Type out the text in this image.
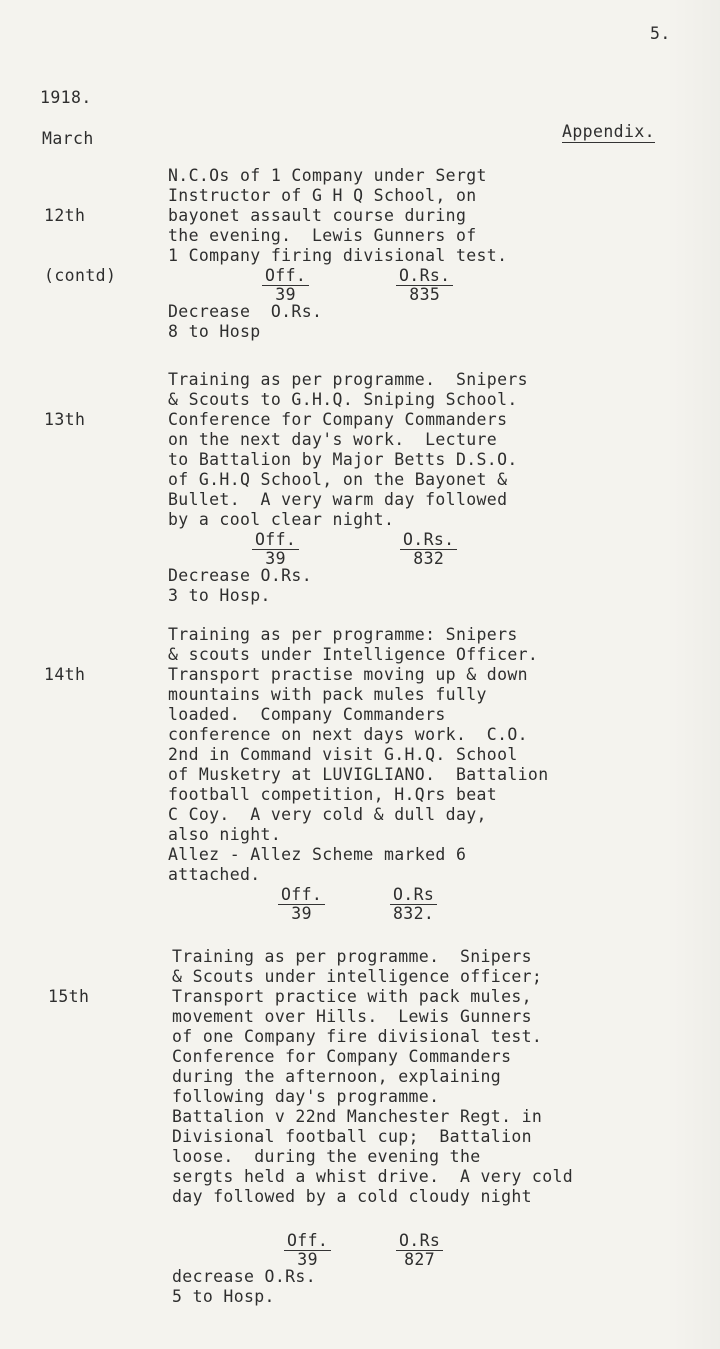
5.
1918.
March	Appendix.

12th

(contd)

N.C.Os of 1 Company under Sergt
Instructor of G H Q School, on
bayonet assault course during
the evening.  Lewis Gunners of
1 Company firing divisional test.
Off.
39
O.Rs.
835
Decrease  O.Rs.
8 to Hosp

13th

Training as per programme.  Snipers
& Scouts to G.H.Q. Sniping School.
Conference for Company Commanders
on the next day's work.  Lecture
to Battalion by Major Betts D.S.O.
of G.H.Q School, on the Bayonet &
Bullet.  A very warm day followed
by a cool clear night.
Off.
39
O.Rs.
832
Decrease O.Rs.
3 to Hosp.

14th

Training as per programme: Snipers
& scouts under Intelligence Officer.
Transport practise moving up & down
mountains with pack mules fully
loaded.  Company Commanders
conference on next days work.  C.O.
2nd in Command visit G.H.Q. School
of Musketry at LUVIGLIANO.  Battalion
football competition, H.Qrs beat
C Coy.  A very cold & dull day,
also night.
Allez - Allez Scheme marked 6
attached.
Off.
39
O.Rs
832.

15th

Training as per programme.  Snipers
& Scouts under intelligence officer;
Transport practice with pack mules,
movement over Hills.  Lewis Gunners
of one Company fire divisional test.
Conference for Company Commanders
during the afternoon, explaining
following day's programme.
Battalion v 22nd Manchester Regt. in
Divisional football cup;  Battalion
loose.  during the evening the
sergts held a whist drive.  A very cold
day followed by a cold cloudy night
Off.
39
O.Rs
827
decrease O.Rs.
5 to Hosp.
